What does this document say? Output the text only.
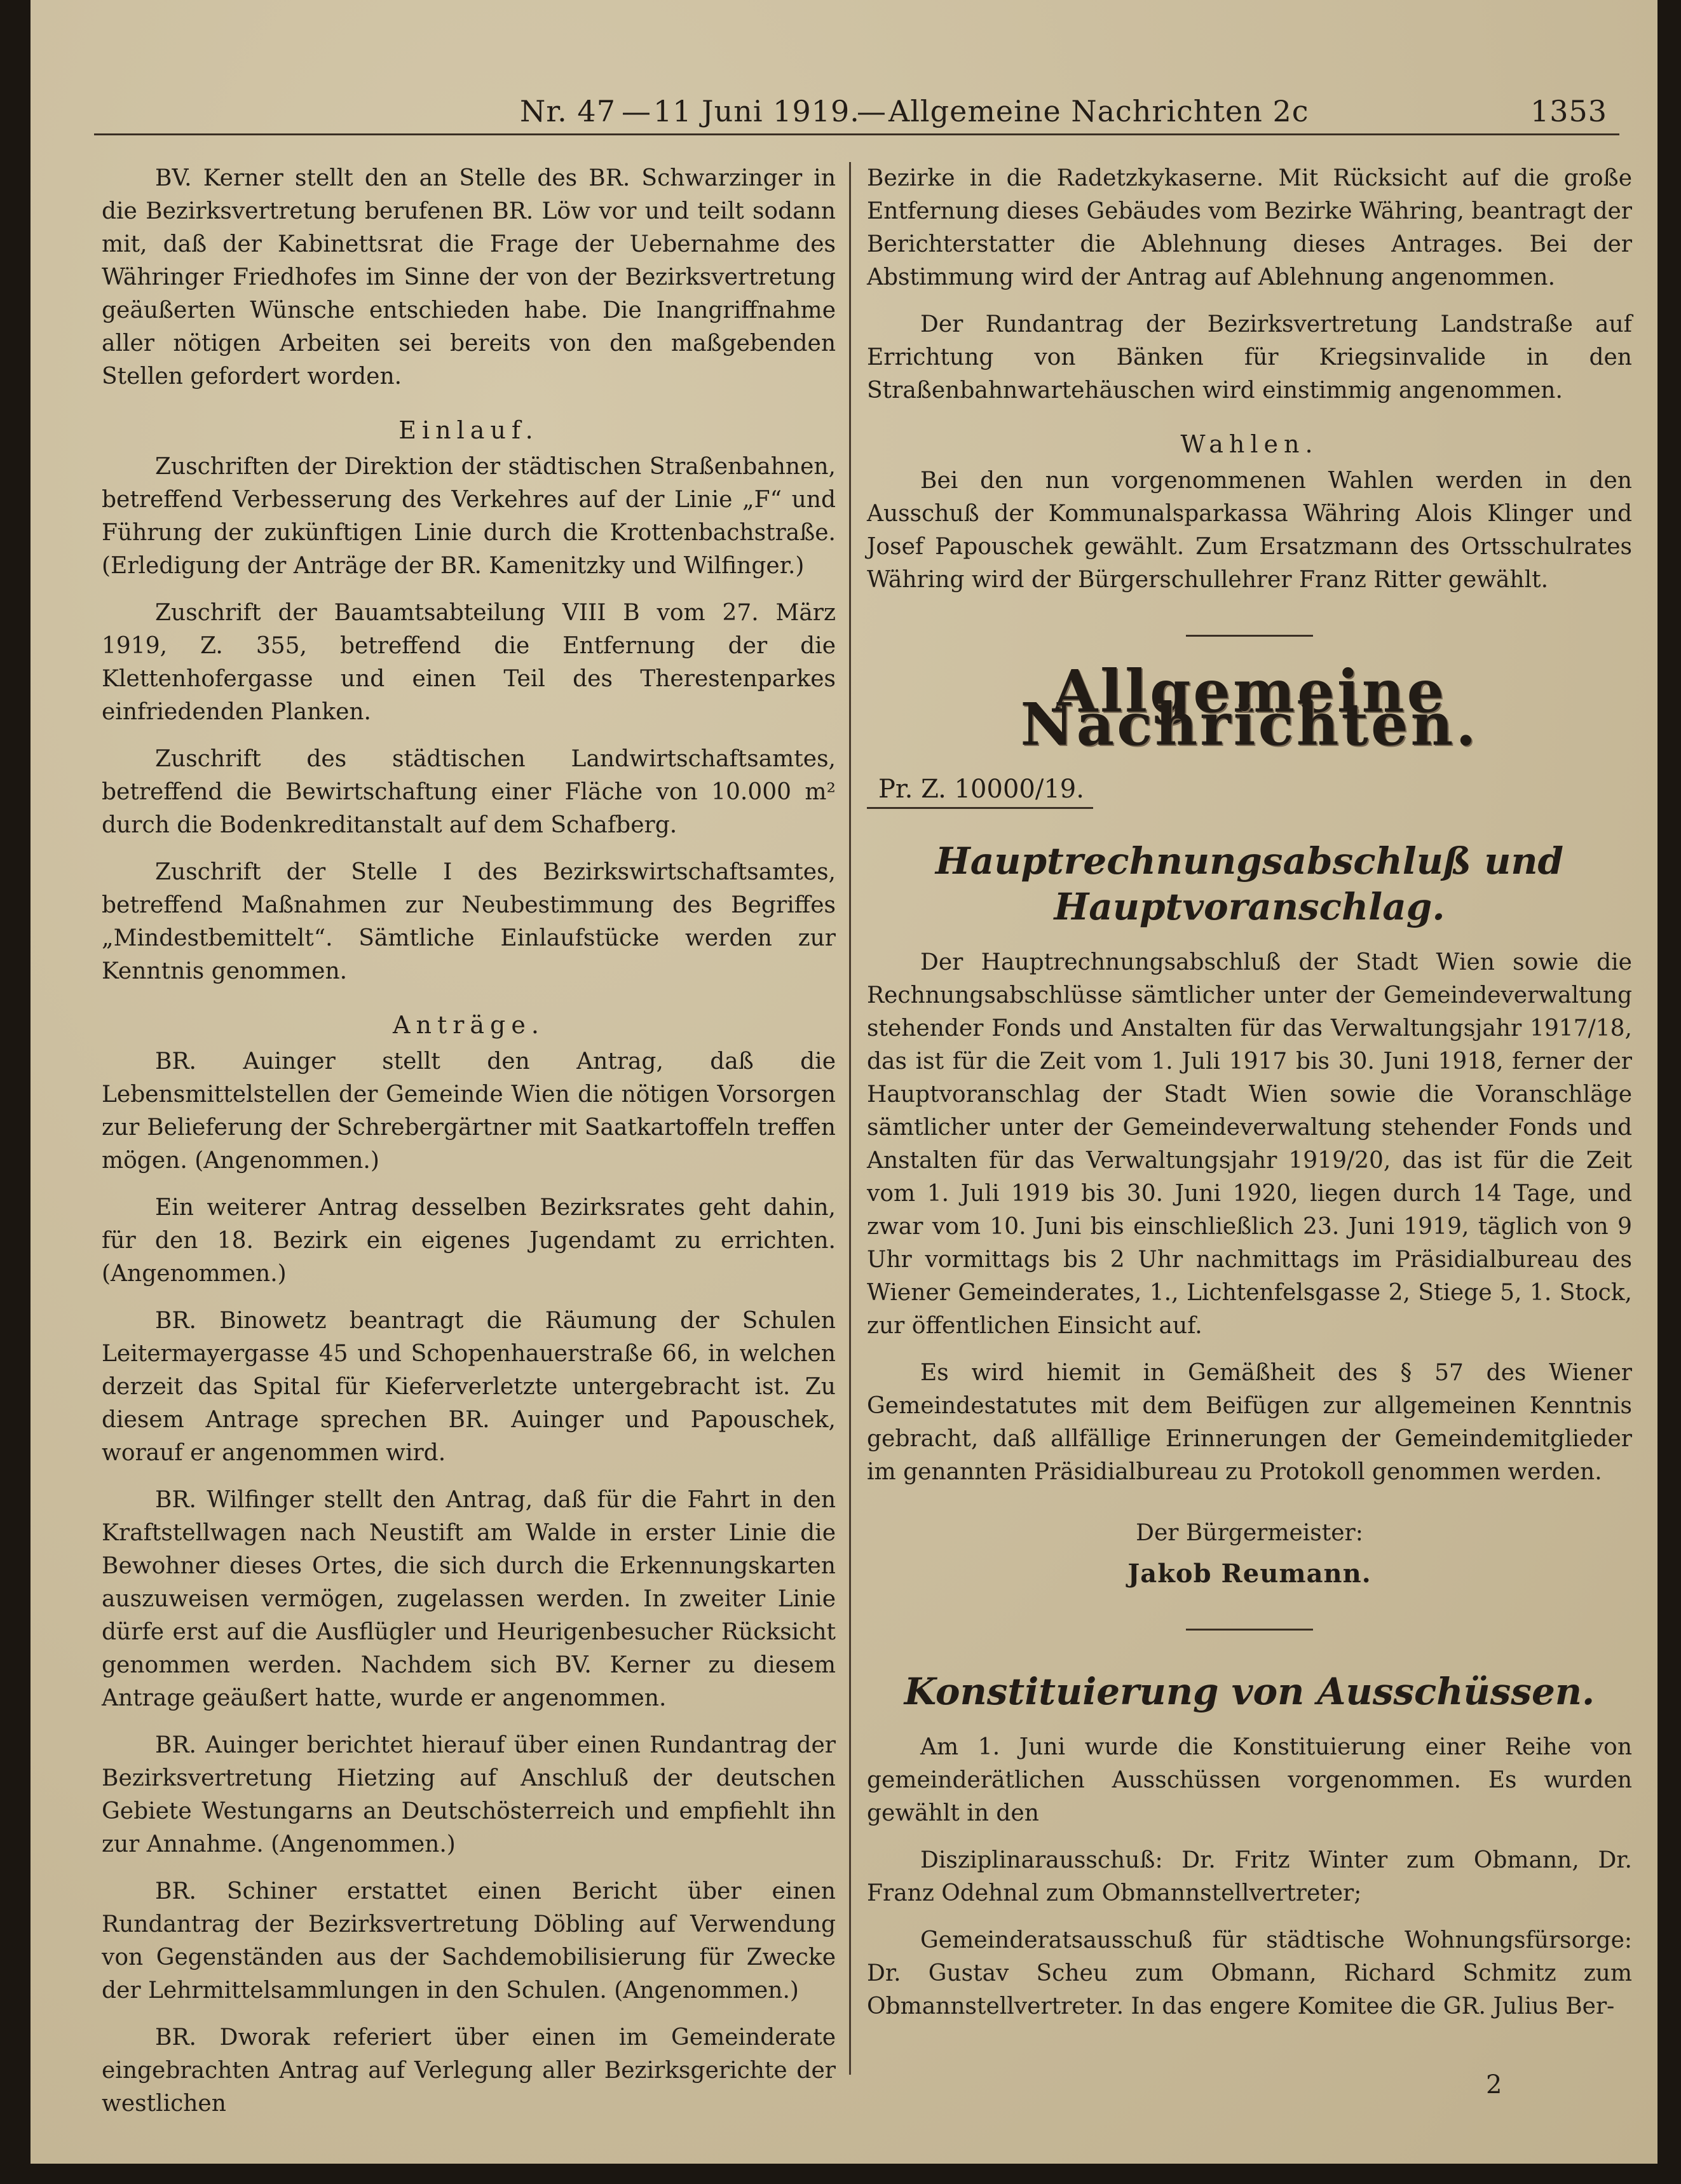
Nr. 47 — 11 Juni 1919.
— Allgemeine Nachrichten 2c	1353

BV. Kerner stellt den an Stelle des BR. Schwarzinger in die Bezirksvertretung berufenen BR. Löw vor und teilt sodann mit, daß der Kabinettsrat die Frage der Uebernahme des Währinger Friedhofes im Sinne der von der Bezirksvertretung geäußerten Wünsche entschieden habe. Die Inangriffnahme aller nötigen Arbeiten sei bereits von den maßgebenden Stellen gefordert worden.

Einlauf.

Zuschriften der Direktion der städtischen Straßenbahnen, betreffend Verbesserung des Verkehres auf der Linie „F“ und Führung der zukünftigen Linie durch die Krottenbachstraße. (Erledigung der Anträge der BR. Kamenitzky und Wilfinger.)

Zuschrift der Bauamtsabteilung VIII B vom 27. März 1919, Z. 355, betreffend die Entfernung der die Klettenhofergasse und einen Teil des Therestenparkes einfriedenden Planken.

Zuschrift des städtischen Landwirtschaftsamtes, betreffend die Bewirtschaftung einer Fläche von 10.000 m² durch die Bodenkreditanstalt auf dem Schafberg.

Zuschrift der Stelle I des Bezirkswirtschaftsamtes, betreffend Maßnahmen zur Neubestimmung des Begriffes „Mindestbemittelt“. Sämtliche Einlaufstücke werden zur Kenntnis genommen.

Anträge.

BR. Auinger stellt den Antrag, daß die Lebensmittelstellen der Gemeinde Wien die nötigen Vorsorgen zur Belieferung der Schrebergärtner mit Saatkartoffeln treffen mögen. (Angenommen.)

Ein weiterer Antrag desselben Bezirksrates geht dahin, für den 18. Bezirk ein eigenes Jugendamt zu errichten. (Angenommen.)

BR. Binowetz beantragt die Räumung der Schulen Leitermayergasse 45 und Schopenhauerstraße 66, in welchen derzeit das Spital für Kieferverletzte untergebracht ist. Zu diesem Antrage sprechen BR. Auinger und Papouschek, worauf er angenommen wird.

BR. Wilfinger stellt den Antrag, daß für die Fahrt in den Kraftstellwagen nach Neustift am Walde in erster Linie die Bewohner dieses Ortes, die sich durch die Erkennungskarten auszuweisen vermögen, zugelassen werden. In zweiter Linie dürfe erst auf die Ausflügler und Heurigenbesucher Rücksicht genommen werden. Nachdem sich BV. Kerner zu diesem Antrage geäußert hatte, wurde er angenommen.

BR. Auinger berichtet hierauf über einen Rundantrag der Bezirksvertretung Hietzing auf Anschluß der deutschen Gebiete Westungarns an Deutschösterreich und empfiehlt ihn zur Annahme. (Angenommen.)

BR. Schiner erstattet einen Bericht über einen Rundantrag der Bezirksvertretung Döbling auf Verwendung von Gegenständen aus der Sachdemobilisierung für Zwecke der Lehrmittelsammlungen in den Schulen. (Angenommen.)

BR. Dworak referiert über einen im Gemeinderate eingebrachten Antrag auf Verlegung aller Bezirksgerichte der westlichen

Bezirke in die Radetzkykaserne. Mit Rücksicht auf die große Entfernung dieses Gebäudes vom Bezirke Währing, beantragt der Berichterstatter die Ablehnung dieses Antrages. Bei der Abstimmung wird der Antrag auf Ablehnung angenommen.

Der Rundantrag der Bezirksvertretung Landstraße auf Errichtung von Bänken für Kriegsinvalide in den Straßenbahnwartehäuschen wird einstimmig angenommen.

Wahlen.

Bei den nun vorgenommenen Wahlen werden in den Ausschuß der Kommunalsparkassa Währing Alois Klinger und Josef Papouschek gewählt. Zum Ersatzmann des Ortsschulrates Währing wird der Bürgerschullehrer Franz Ritter gewählt.

Allgemeine Nachrichten.
Pr. Z. 10000/19.
Hauptrechnungsabschluß und Hauptvoranschlag.

Der Hauptrechnungsabschluß der Stadt Wien sowie die Rechnungsabschlüsse sämtlicher unter der Gemeindeverwaltung stehender Fonds und Anstalten für das Verwaltungsjahr 1917/18, das ist für die Zeit vom 1. Juli 1917 bis 30. Juni 1918, ferner der Hauptvoranschlag der Stadt Wien sowie die Voranschläge sämtlicher unter der Gemeindeverwaltung stehender Fonds und Anstalten für das Verwaltungsjahr 1919/20, das ist für die Zeit vom 1. Juli 1919 bis 30. Juni 1920, liegen durch 14 Tage, und zwar vom 10. Juni bis einschließlich 23. Juni 1919, täglich von 9 Uhr vormittags bis 2 Uhr nachmittags im Präsidialbureau des Wiener Gemeinderates, 1., Lichtenfelsgasse 2, Stiege 5, 1. Stock, zur öffentlichen Einsicht auf.

Es wird hiemit in Gemäßheit des § 57 des Wiener Gemeindestatutes mit dem Beifügen zur allgemeinen Kenntnis gebracht, daß allfällige Erinnerungen der Gemeindemitglieder im genannten Präsidialbureau zu Protokoll genommen werden.

Der Bürgermeister:
Jakob Reumann.
Konstituierung von Ausschüssen.

Am 1. Juni wurde die Konstituierung einer Reihe von gemeinderätlichen Ausschüssen vorgenommen. Es wurden gewählt in den

Disziplinarausschuß: Dr. Fritz Winter zum Obmann, Dr. Franz Odehnal zum Obmannstellvertreter;

Gemeinderatsausschuß für städtische Wohnungsfürsorge: Dr. Gustav Scheu zum Obmann, Richard Schmitz zum Obmannstellvertreter. In das engere Komitee die GR. Julius Ber-

2
